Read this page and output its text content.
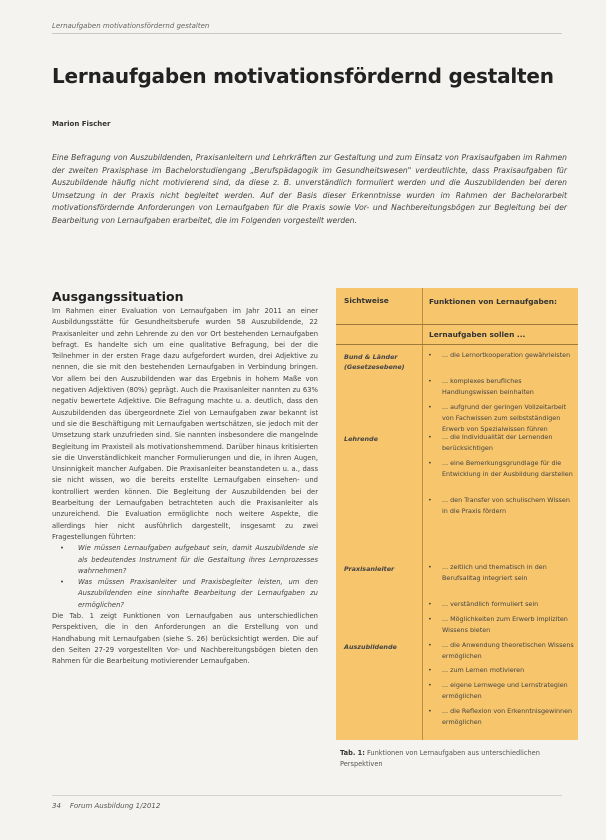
Lernaufgaben motivationsfördernd gestalten
Lernaufgaben motivationsfördernd gestalten
Marion Fischer

Eine Befragung von Auszubildenden, Praxisanleitern und Lehrkräften zur Gestaltung und zum Einsatz von Praxisaufgaben im Rahmen der zweiten Praxisphase im Bachelorstudiengang „Berufspädagogik im Gesundheitswesen" verdeutlichte, dass Praxisaufgaben für Auszubildende häufig nicht motivierend sind, da diese z. B. unverständlich formuliert werden und die Auszubildenden bei deren Umsetzung in der Praxis nicht begleitet werden. Auf der Basis dieser Erkenntnisse wurden im Rahmen der Bachelorarbeit motivationsfördernde Anforderungen von Lernaufgaben für die Praxis sowie Vor- und Nachbereitungsbögen zur Begleitung bei der Bearbeitung von Lernaufgaben erarbeitet, die im Folgenden vorgestellt werden.

Ausgangssituation

Im Rahmen einer Evaluation von Lernaufgaben im Jahr 2011 an einer Ausbildungsstätte für Gesundheitsberufe wurden 58 Auszubildende, 22 Praxisanleiter und zehn Lehrende zu den vor Ort bestehenden Lernaufgaben befragt. Es handelte sich um eine qualitative Befragung, bei der die Teilnehmer in der ersten Frage dazu aufgefordert wurden, drei Adjektive zu nennen, die sie mit den bestehenden Lernaufgaben in Verbindung bringen. Vor allem bei den Auszubildenden war das Ergebnis in hohem Maße von negativen Adjektiven (80%) geprägt. Auch die Praxisanleiter nannten zu 63% negativ bewertete Adjektive. Die Befragung machte u. a. deutlich, dass den Auszubildenden das übergeordnete Ziel von Lernaufgaben zwar bekannt ist und sie die Beschäftigung mit Lernaufgaben wertschätzen, sie jedoch mit der Umsetzung stark unzufrieden sind. Sie nannten insbesondere die mangelnde Begleitung im Praxisteil als motivationshemmend. Darüber hinaus kritisierten sie die Unverständlichkeit mancher Formulierungen und die, in ihren Augen, Unsinnigkeit mancher Aufgaben. Die Praxisanleiter beanstandeten u. a., dass sie nicht wissen, wo die bereits erstellte Lernaufgaben einsehen- und kontrolliert werden können. Die Begleitung der Auszubildenden bei der Bearbeitung der Lernaufgaben betrachteten auch die Praxisanleiter als unzureichend. Die Evaluation ermöglichte noch weitere Aspekte, die allerdings hier nicht ausführlich dargestellt, insgesamt zu zwei Fragestellungen führten:

• Wie müssen Lernaufgaben aufgebaut sein, damit Auszubildende sie als bedeutendes Instrument für die Gestaltung ihres Lernprozesses wahrnehmen?
• Was müssen Praxisanleiter und Praxisbegleiter leisten, um den Auszubildenden eine sinnhafte Bearbeitung der Lernaufgaben zu ermöglichen?

Die Tab. 1 zeigt Funktionen von Lernaufgaben aus unterschiedlichen Perspektiven, die in den Anforderungen an die Erstellung von und Handhabung mit Lernaufgaben (siehe S. 26) berücksichtigt werden. Die auf den Seiten 27-29 vorgestellten Vor- und Nachbereitungsbögen bieten den Rahmen für die Bearbeitung motivierender Lernaufgaben.

Sichtweise	Funktionen von Lernaufgaben:
Lernaufgaben sollen ...
Bund & Länder (Gesetzesebene)
• ... die Lernortkooperation gewährleisten
• ... komplexes berufliches Handlungswissen beinhalten
• ... aufgrund der geringen Vollzeitarbeit von Fachwissen zum selbstständigen Erwerb von Spezialwissen führen
Lehrende	• ... die Individualität der Lernenden berücksichtigen
• ... eine Bemerkungsgrundlage für die Entwicklung in der Ausbildung darstellen
• ... den Transfer von schulischem Wissen in die Praxis fördern
Praxisanleiter	• ... zeitlich und thematisch in den Berufsalltag integriert sein
• ... verständlich formuliert sein
• ... Möglichkeiten zum Erwerb impliziten Wissens bieten
Auszubildende	• ... die Anwendung theoretischen Wissens ermöglichen
• ... zum Lernen motivieren
• ... eigene Lernwege und Lernstrategien ermöglichen
• ... die Reflexion von Erkenntnisgewinnen ermöglichen

Tab. 1: Funktionen von Lernaufgaben aus unterschiedlichen Perspektiven

34 Forum Ausbildung 1/2012
